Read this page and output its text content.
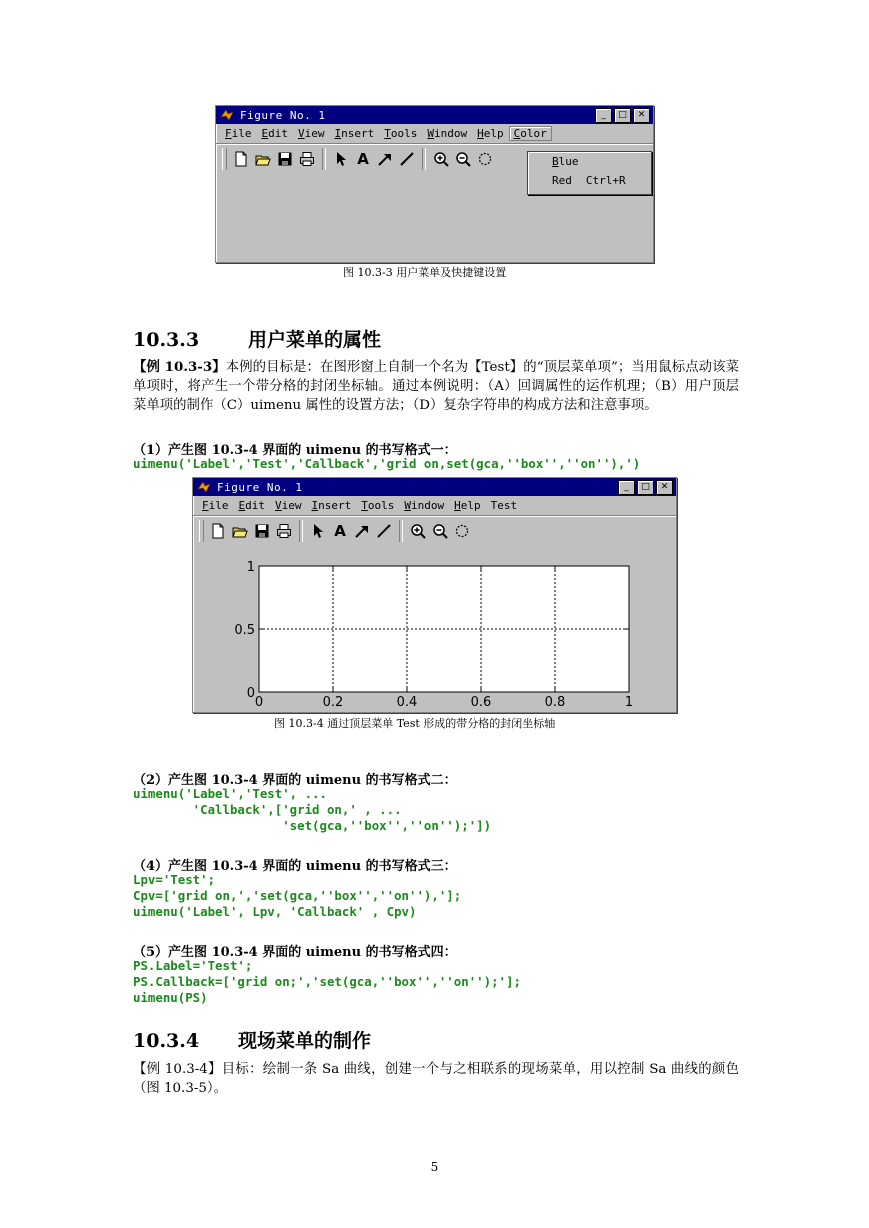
Figure No. 1	_	□	✕
File Edit View Insert Tools Window Help Color
A	B lue
Red Ctrl+R
图 10.3-3 用户菜单及快捷键设置
10.3.3	用户菜单的属性
【例 10.3-3】本例的目标是：在图形窗上自制一个名为【Test】的“顶层菜单项”；当用鼠标点动该菜单项时，将产生一个带分格的封闭坐标轴。通过本例说明：（A）回调属性的运作机理；（B）用户顶层菜单项的制作（C）uimenu 属性的设置方法；（D）复杂字符串的构成方法和注意事项。
（1）产生图 10.3-4 界面的 uimenu 的书写格式一：
uimenu('Label','Test','Callback','grid on,set(gca,''box'',''on''),')
Figure No. 1	_	□	✕
File Edit View Insert Tools Window Help Test
A
0	0.2	0.4	0.6	0.8	1
0
0.5
1
图 10.3-4 通过顶层菜单 Test 形成的带分格的封闭坐标轴
（2）产生图 10.3-4 界面的 uimenu 的书写格式二：
uimenu('Label','Test', ...
'Callback',['grid on,' , ...
'set(gca,''box'',''on'');'])
（4）产生图 10.3-4 界面的 uimenu 的书写格式三：
Lpv='Test';
Cpv=['grid on,','set(gca,''box'',''on''),'];
uimenu('Label', Lpv, 'Callback' , Cpv)
（5）产生图 10.3-4 界面的 uimenu 的书写格式四：
PS.Label='Test';
PS.Callback=['grid on;','set(gca,''box'',''on'');'];
uimenu(PS)
10.3.4 现场菜单的制作
【例 10.3-4】目标：绘制一条 Sa 曲线，创建一个与之相联系的现场菜单，用以控制 Sa 曲线的颜色（图 10.3-5）。
5
